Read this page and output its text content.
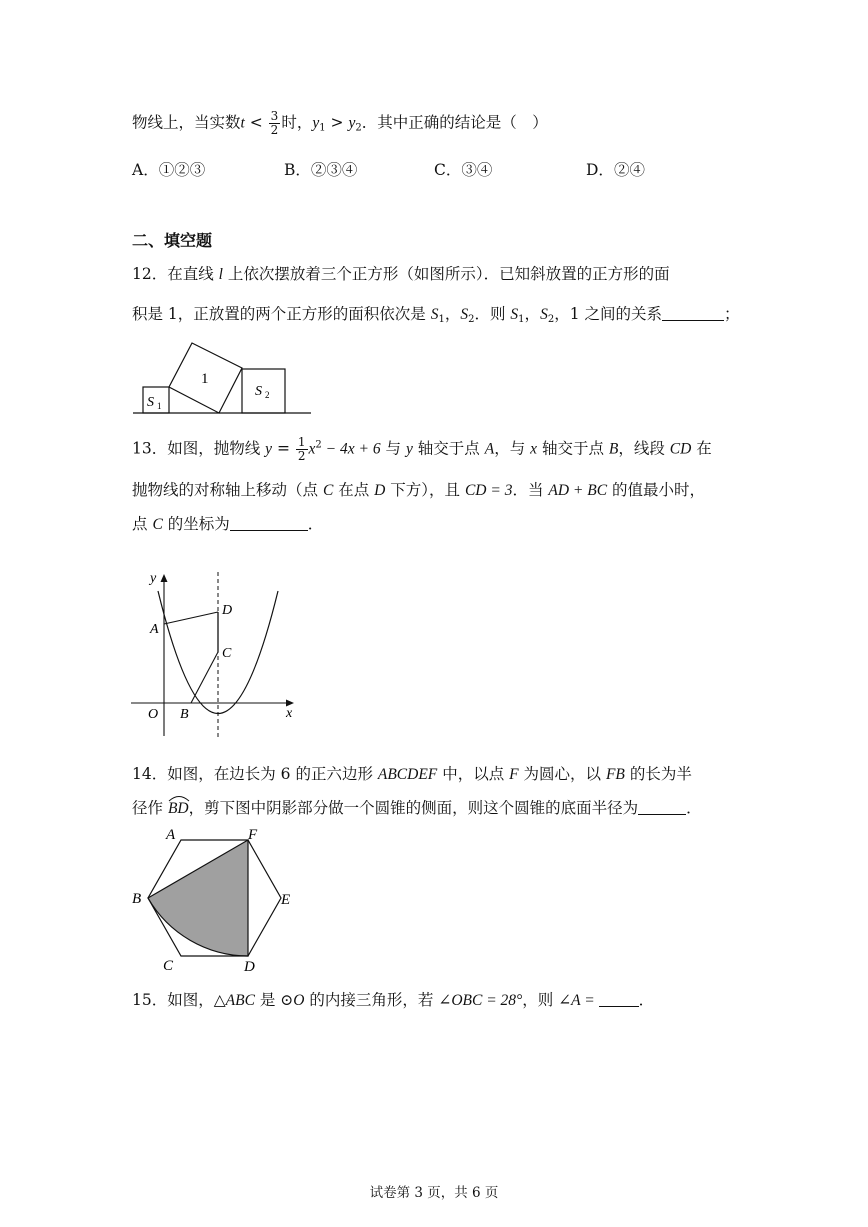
物线上，当实数$t < \frac{3}{2}$ 时，$y_1 > y_2$．其中正确的结论是（　）
A．①②③	B．②③④	C．③④	D．②④
二、填空题
12．在直线 l 上依次摆放着三个正方形（如图所示）．已知斜放置的正方形的面
积是 1，正放置的两个正方形的面积依次是 $S_1$，$S_2$．则 $S_1$，$S_2$，1 之间的关系	；
1
S 1
S 2
13．如图，抛物线 $y = \frac{1}{2} x^2 - 4x + 6$ 与 y 轴交于点 A，与 x 轴交于点 B，线段 CD 在
抛物线的对称轴上移动（点 C 在点 D 下方），且 CD = 3．当 AD + BC 的值最小时，
点 C 的坐标为	．
y
x
O
A
B
C
D
14．如图，在边长为 6 的正六边形 ABCDEF 中，以点 F 为圆心，以 FB 的长为半
径作 BD
，剪下图中阴影部分做一个圆锥的侧面，则这个圆锥的底面半径为	．
A	F
B	E
C	D
15．如图，△ABC 是 ⊙O 的内接三角形，若 ∠OBC = 28°，则 ∠A =	．
试卷第 3 页，共 6 页
